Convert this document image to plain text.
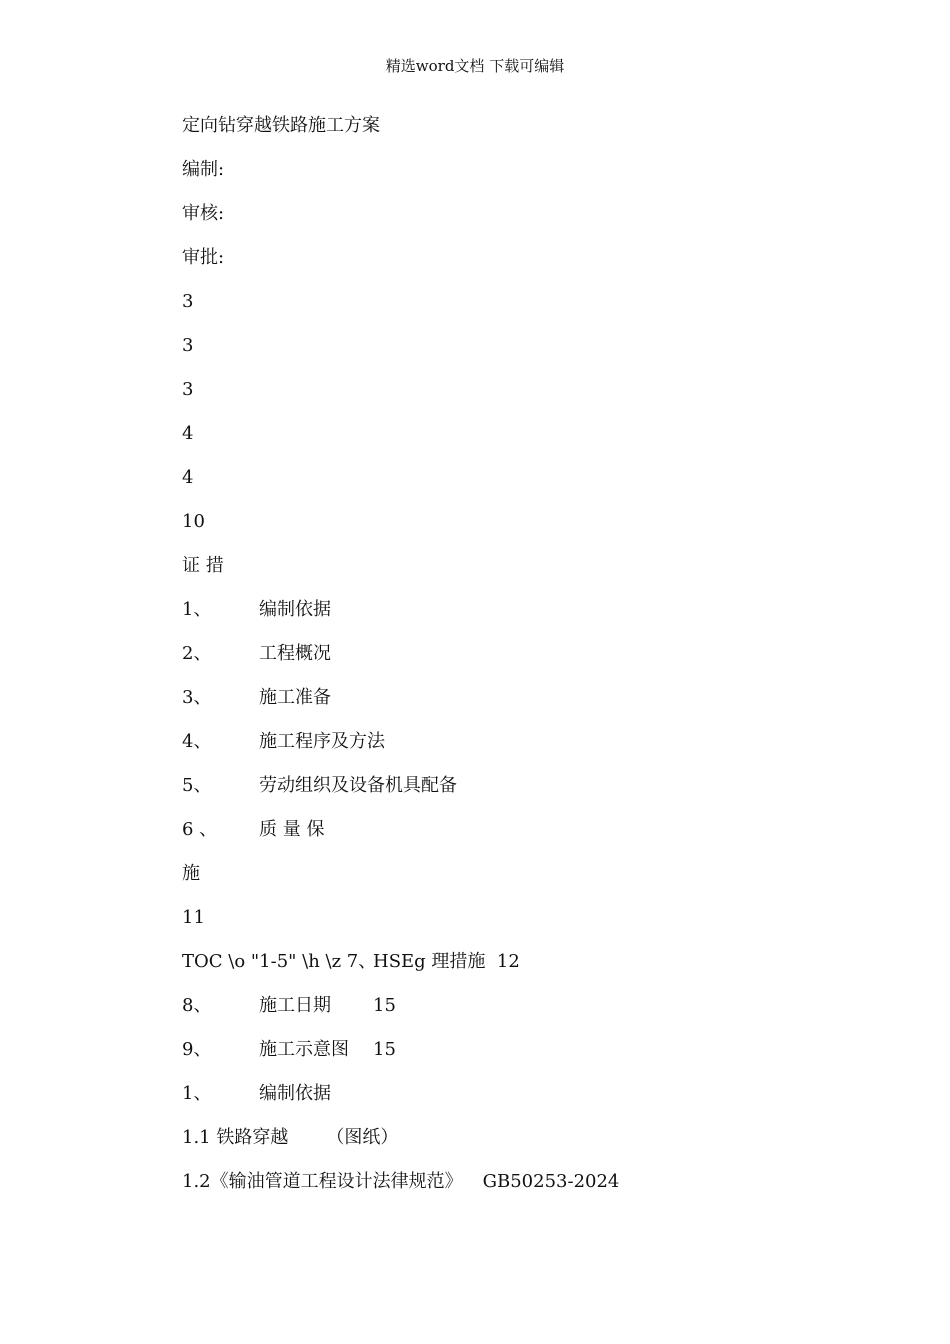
精选word文档 下载可编辑
定向钻穿越铁路施工方案
编制:
审核:
审批:
3
3
3
4
4
10
证 措
1、	编制依据
2、	工程概况
3、	施工准备
4、	施工程序及方法
5、	劳动组织及设备机具配备
6 、 质 量 保
施
11
TOC \o "1-5" \h \z 7、HSEg 理措施 12
8、	施工日期 15
9、	施工示意图 15
1、	编制依据
1.1 铁路穿越 （图纸）
1.2《输油管道工程设计法律规范》 GB50253-2024
